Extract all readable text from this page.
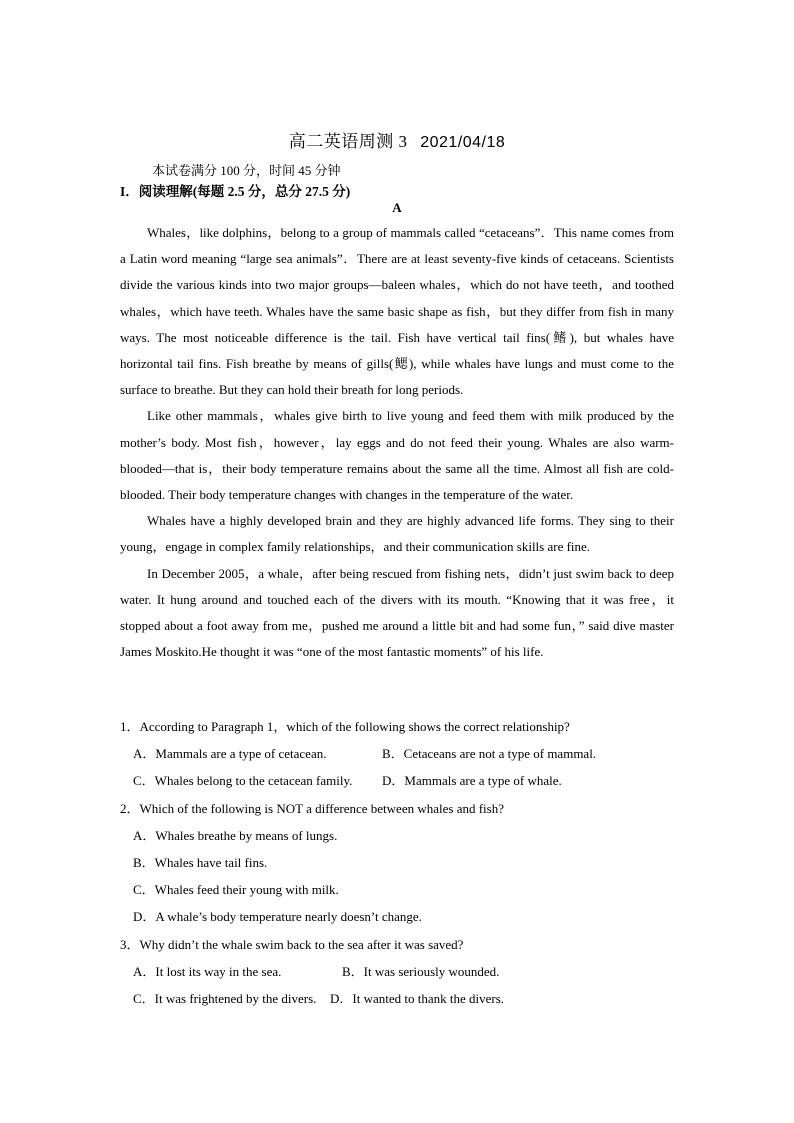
高二英语周测 3 2021/04/18
本试卷满分 100 分，时间 45 分钟
I．阅读理解(每题 2.5 分，总分 27.5 分)
A

Whales，like dolphins，belong to a group of mammals called “cetaceans”．This name comes from a Latin word meaning “large sea animals”．There are at least seventy-five kinds of cetaceans. Scientists divide the various kinds into two major groups—baleen whales，which do not have teeth，and toothed whales，which have teeth. Whales have the same basic shape as fish，but they differ from fish in many ways. The most noticeable difference is the tail. Fish have vertical tail fins(鳍), but whales have horizontal tail fins. Fish breathe by means of gills(鳃), while whales have lungs and must come to the surface to breathe. But they can hold their breath for long periods.

Like other mammals，whales give birth to live young and feed them with milk produced by the mother’s body. Most fish，however，lay eggs and do not feed their young. Whales are also warm-blooded—that is，their body temperature remains about the same all the time. Almost all fish are cold-blooded. Their body temperature changes with changes in the temperature of the water.

Whales have a highly developed brain and they are highly advanced life forms. They sing to their young，engage in complex family relationships，and their communication skills are fine.

In December 2005，a whale，after being rescued from fishing nets，didn’t just swim back to deep water. It hung around and touched each of the divers with its mouth. “Knowing that it was free，it stopped about a foot away from me，pushed me around a little bit and had some fun，” said dive master James Moskito.He thought it was “one of the most fantastic moments” of his life.

1．According to Paragraph 1，which of the following shows the correct relationship?
A．Mammals are a type of cetacean.	B．Cetaceans are not a type of mammal.
C．Whales belong to the cetacean family. D．Mammals are a type of whale.
2．Which of the following is NOT a difference between whales and fish?
A．Whales breathe by means of lungs.
B．Whales have tail fins.
C．Whales feed their young with milk.
D．A whale’s body temperature nearly doesn’t change.
3．Why didn’t the whale swim back to the sea after it was saved?
A．It lost its way in the sea.	B．It was seriously wounded.
C．It was frightened by the divers. D．It wanted to thank the divers.
